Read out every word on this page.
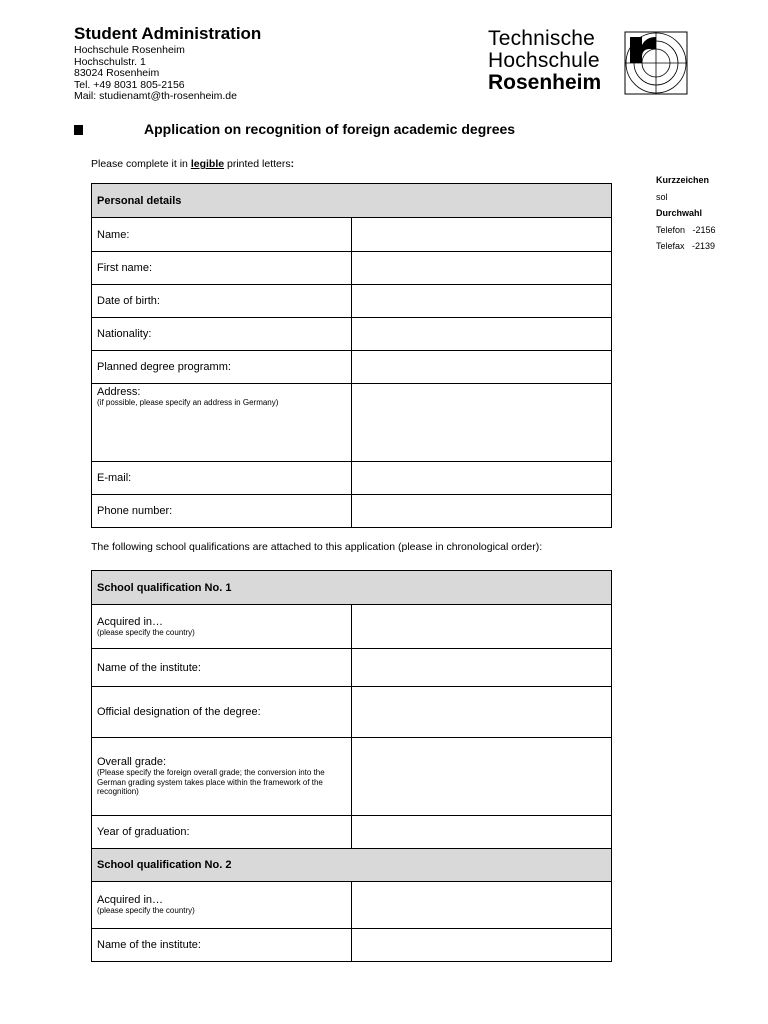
Student Administration
Hochschule Rosenheim
Hochschulstr. 1
83024 Rosenheim
Tel. +49 8031 805-2156
Mail: studienamt@th-rosenheim.de
Technische
Hochschule
Rosenheim
Application on recognition of foreign academic degrees
Please complete it in legible printed letters:
Kurzzeichen
sol
Durchwahl
Telefon   -2156
Telefax   -2139
Personal details	
Name:	
First name:	
Date of birth:	
Nationality:	
Planned degree programm:	
Address:
(if possible, please specify an address in Germany)	

E-mail:	
Phone number:	
The following school qualifications are attached to this application (please in chronological order):
School qualification No. 1	
Acquired in…
(please specify the country)	

Name of the institute:	
Official designation of the degree:	
Overall grade:
(Please specify the foreign overall grade; the conversion into the German grading system takes place within the framework of the recognition)	

Year of graduation:	
School qualification No. 2	
Acquired in…
(please specify the country)	

Name of the institute:	
